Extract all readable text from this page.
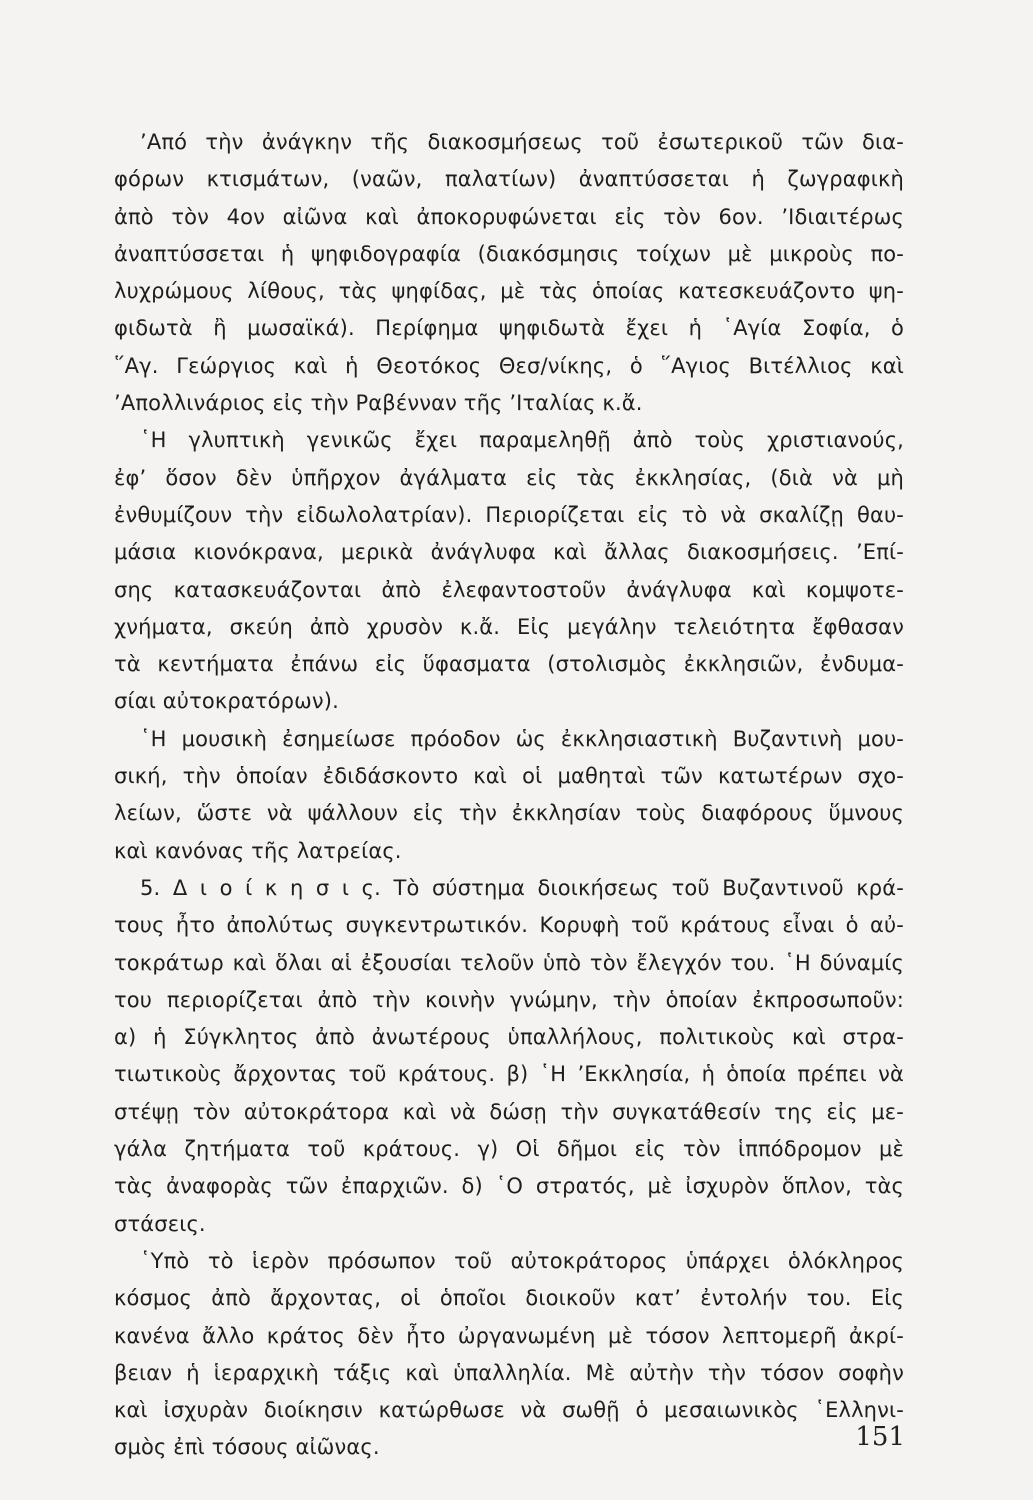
’Από τὴν ἀνάγκην τῆς διακοσμήσεως τοῦ ἐσωτερικοῦ τῶν δια-
φόρων κτισμάτων, (ναῶν, παλατίων) ἀναπτύσσεται ἡ ζωγραφικὴ
ἀπὸ τὸν 4ον αἰῶνα καὶ ἀποκορυφώνεται εἰς τὸν 6ον. ’Ιδιαιτέρως
ἀναπτύσσεται ἡ ψηφιδογραφία (διακόσμησις τοίχων μὲ μικροὺς πο-
λυχρώμους λίθους, τὰς ψηφίδας, μὲ τὰς ὁποίας κατεσκευάζοντο ψη-
φιδωτὰ ἢ μωσαϊκά). Περίφημα ψηφιδωτὰ ἔχει ἡ ῾Αγία Σοφία, ὁ
῞Αγ. Γεώργιος καὶ ἡ Θεοτόκος Θεσ/νίκης, ὁ ῞Αγιος Βιτέλλιος καὶ
’Απολλινάριος εἰς τὴν Ραβένναν τῆς ’Ιταλίας κ.ἄ.
῾Η γλυπτικὴ γενικῶς ἔχει παραμεληθῇ ἀπὸ τοὺς χριστιανούς,
ἐφ’ ὅσον δὲν ὑπῆρχον ἀγάλματα εἰς τὰς ἐκκλησίας, (διὰ νὰ μὴ
ἐνθυμίζουν τὴν εἰδωλολατρίαν). Περιορίζεται εἰς τὸ νὰ σκαλίζῃ θαυ-
μάσια κιονόκρανα, μερικὰ ἀνάγλυφα καὶ ἄλλας διακοσμήσεις. ’Επί-
σης κατασκευάζονται ἀπὸ ἐλεφαντοστοῦν ἀνάγλυφα καὶ κομψοτε-
χνήματα, σκεύη ἀπὸ χρυσὸν κ.ἄ. Εἰς μεγάλην τελειότητα ἔφθασαν
τὰ κεντήματα ἐπάνω εἰς ὕφασματα (στολισμὸς ἐκκλησιῶν, ἐνδυμα-
σίαι αὐτοκρατόρων).
῾Η μουσικὴ ἐσημείωσε πρόοδον ὡς ἐκκλησιαστικὴ Βυζαντινὴ μου-
σική, τὴν ὁποίαν ἐδιδάσκοντο καὶ οἱ μαθηταὶ τῶν κατωτέρων σχο-
λείων, ὥστε νὰ ψάλλουν εἰς τὴν ἐκκλησίαν τοὺς διαφόρους ὕμνους
καὶ κανόνας τῆς λατρείας.
5. Δ ι ο ί κ η σ ι ς. Τὸ σύστημα διοικήσεως τοῦ Βυζαντινοῦ κρά-
τους ἦτο ἀπολύτως συγκεντρωτικόν. Κορυφὴ τοῦ κράτους εἶναι ὁ αὐ-
τοκράτωρ καὶ ὅλαι αἱ ἐξουσίαι τελοῦν ὑπὸ τὸν ἔλεγχόν του. ῾Η δύναμίς
του περιορίζεται ἀπὸ τὴν κοινὴν γνώμην, τὴν ὁποίαν ἐκπροσωποῦν:
α) ἡ Σύγκλητος ἀπὸ ἀνωτέρους ὑπαλλήλους, πολιτικοὺς καὶ στρα-
τιωτικοὺς ἄρχοντας τοῦ κράτους. β) ῾Η ’Εκκλησία, ἡ ὁποία πρέπει νὰ
στέψῃ τὸν αὐτοκράτορα καὶ νὰ δώσῃ τὴν συγκατάθεσίν της εἰς με-
γάλα ζητήματα τοῦ κράτους. γ) Οἱ δῆμοι εἰς τὸν ἱππόδρομον μὲ
τὰς ἀναφορὰς τῶν ἐπαρχιῶν. δ) ῾Ο στρατός, μὲ ἰσχυρὸν ὅπλον, τὰς
στάσεις.
῾Υπὸ τὸ ἱερὸν πρόσωπον τοῦ αὐτοκράτορος ὑπάρχει ὁλόκληρος
κόσμος ἀπὸ ἄρχοντας, οἱ ὁποῖοι διοικοῦν κατ’ ἐντολήν του. Εἰς
κανένα ἄλλο κράτος δὲν ἦτο ὠργανωμένη μὲ τόσον λεπτομερῆ ἀκρί-
βειαν ἡ ἱεραρχικὴ τάξις καὶ ὑπαλληλία. Μὲ αὐτὴν τὴν τόσον σοφὴν
καὶ ἰσχυρὰν διοίκησιν κατώρθωσε νὰ σωθῇ ὁ μεσαιωνικὸς ῾Ελληνι-
σμὸς ἐπὶ τόσους αἰῶνας.	151
